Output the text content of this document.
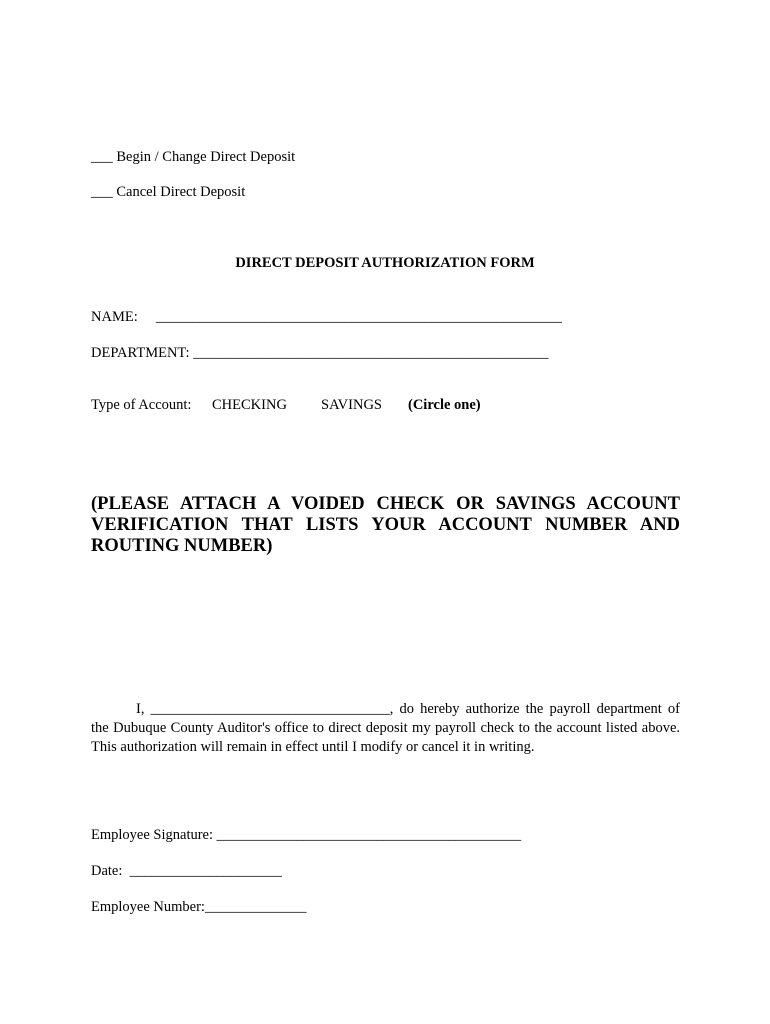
___ Begin / Change Direct Deposit
___ Cancel Direct Deposit
DIRECT DEPOSIT AUTHORIZATION FORM
NAME:     ________________________________________________________
DEPARTMENT: _________________________________________________
Type of Account: CHECKING SAVINGS (Circle one)
(PLEASE ATTACH A VOIDED CHECK OR SAVINGS ACCOUNT VERIFICATION THAT LISTS YOUR ACCOUNT NUMBER AND ROUTING NUMBER)
I, _________________________________, do hereby authorize the payroll department of the Dubuque County Auditor's office to direct deposit my payroll check to the account listed above. This authorization will remain in effect until I modify or cancel it in writing.
Employee Signature: __________________________________________
Date:  _____________________
Employee Number:______________
